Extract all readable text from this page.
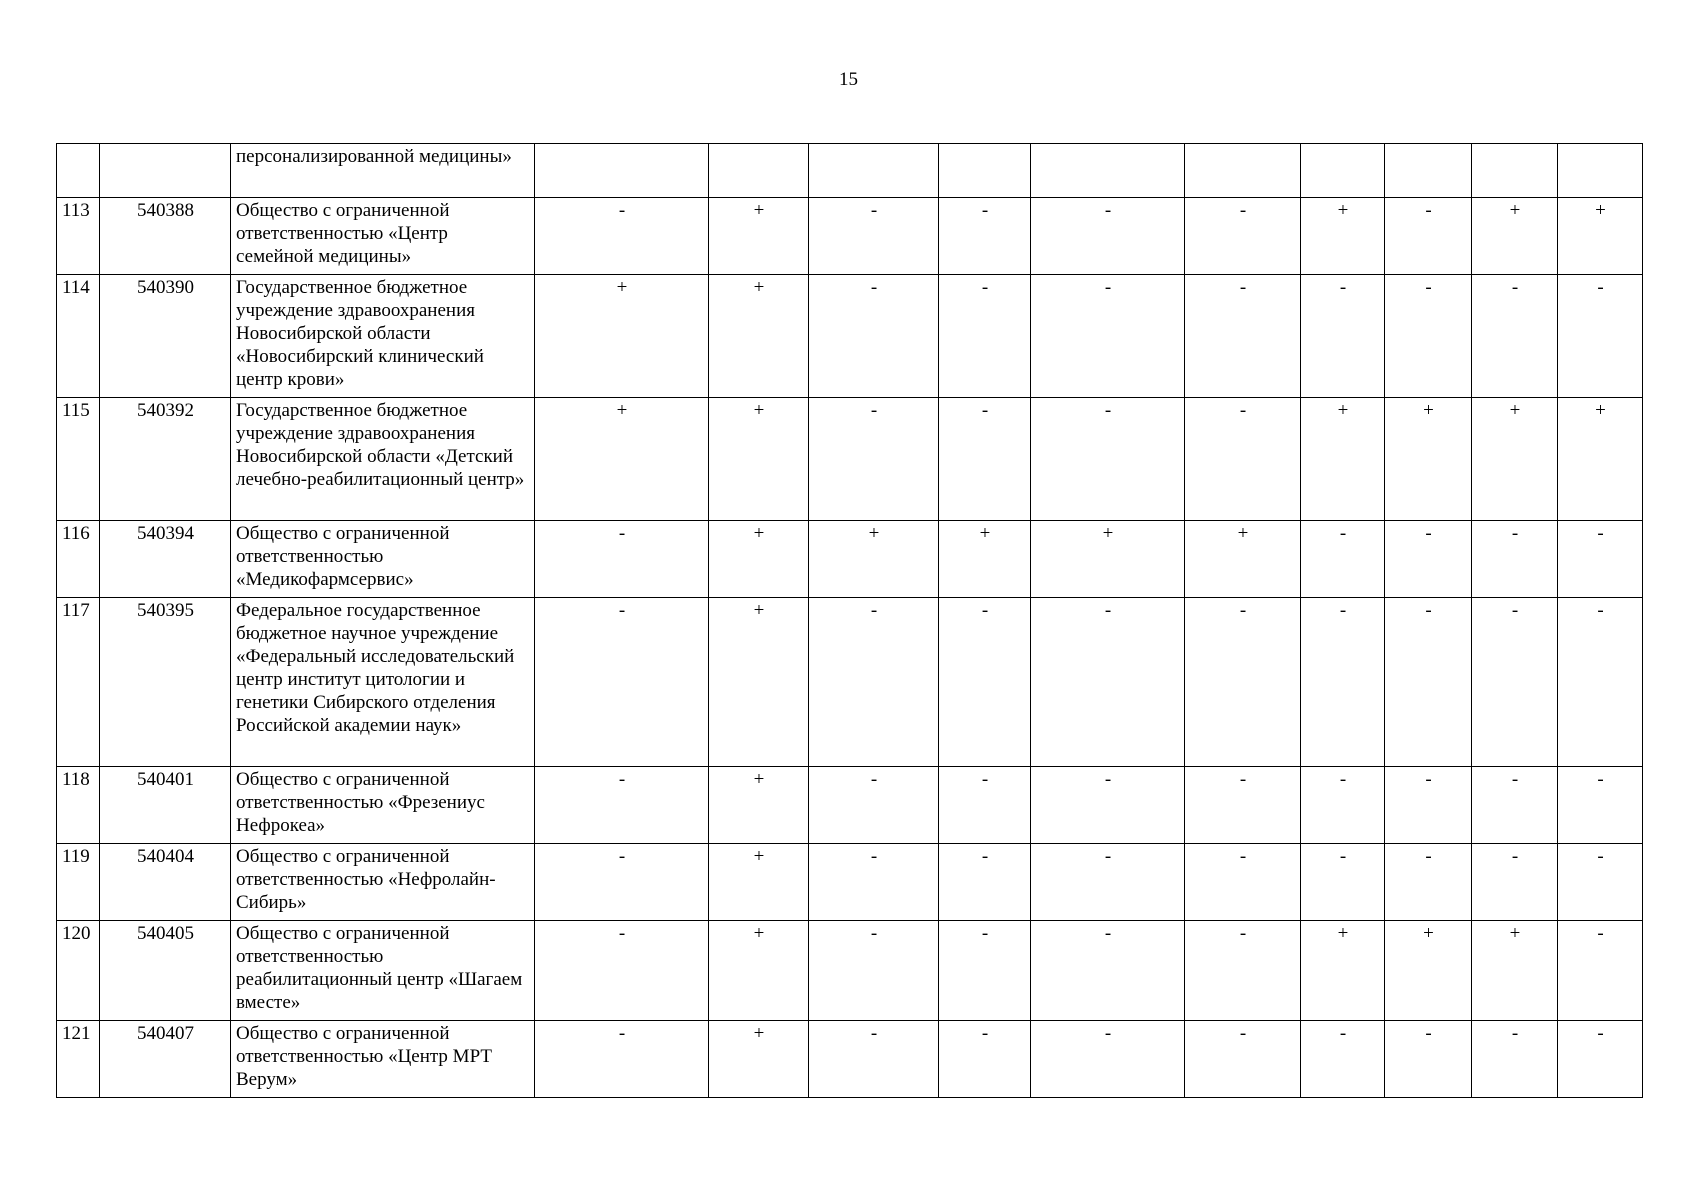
15
		персонализированной медицины»										
113	540388	Общество с ограниченной ответственностью «Центр семейной медицины»	-	+	-	-	-	-	+	-	+	+
114	540390	Государственное бюджетное учреждение здравоохранения Новосибирской области «Новосибирский клинический центр крови»	+	+	-	-	-	-	-	-	-	-
115	540392	Государственное бюджетное учреждение здравоохранения Новосибирской области «Детский лечебно-реабилитационный центр»	+	+	-	-	-	-	+	+	+	+
116	540394	Общество с ограниченной ответственностью «Медикофармсервис»	-	+	+	+	+	+	-	-	-	-
117	540395	Федеральное государственное бюджетное научное учреждение «Федеральный исследовательский центр институт цитологии и генетики Сибирского отделения Российской академии наук»	-	+	-	-	-	-	-	-	-	-
118	540401	Общество с ограниченной ответственностью «Фрезениус Нефрокеа»	-	+	-	-	-	-	-	-	-	-
119	540404	Общество с ограниченной ответственностью «Нефролайн-Сибирь»	-	+	-	-	-	-	-	-	-	-
120	540405	Общество с ограниченной ответственностью реабилитационный центр «Шагаем вместе»	-	+	-	-	-	-	+	+	+	-
121	540407	Общество с ограниченной ответственностью «Центр МРТ Верум»	-	+	-	-	-	-	-	-	-	-
